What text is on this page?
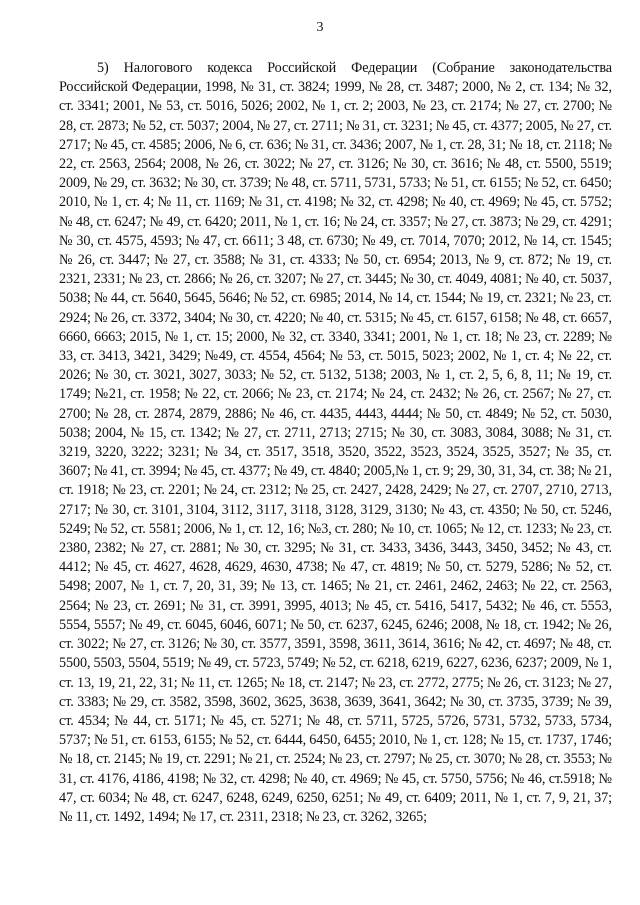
3

5) Налогового кодекса Российской Федерации (Собрание законодательства Российской Федерации, 1998, № 31, ст. 3824; 1999, № 28, ст. 3487; 2000, № 2, ст. 134; № 32, ст. 3341; 2001, № 53, ст. 5016, 5026; 2002, № 1, ст. 2; 2003, № 23, ст. 2174; № 27, ст. 2700; № 28, ст. 2873; № 52, ст. 5037; 2004, № 27, ст. 2711; № 31, ст. 3231; № 45, ст. 4377; 2005, № 27, ст. 2717; № 45, ст. 4585; 2006, № 6, ст. 636; № 31, ст. 3436; 2007, № 1, ст. 28, 31; № 18, ст. 2118; № 22, ст. 2563, 2564; 2008, № 26, ст. 3022; № 27, ст. 3126; № 30, ст. 3616; № 48, ст. 5500, 5519; 2009, № 29, ст. 3632; № 30, ст. 3739; № 48, ст. 5711, 5731, 5733; № 51, ст. 6155; № 52, ст. 6450; 2010, № 1, ст. 4; № 11, ст. 1169; № 31, ст. 4198; № 32, ст. 4298; № 40, ст. 4969; № 45, ст. 5752; № 48, ст. 6247; № 49, ст. 6420; 2011, № 1, ст. 16; № 24, ст. 3357; № 27, ст. 3873; № 29, ст. 4291; № 30, ст. 4575, 4593; № 47, ст. 6611; 3 48, ст. 6730; № 49, ст. 7014, 7070; 2012, № 14, ст. 1545; № 26, ст. 3447; № 27, ст. 3588; № 31, ст. 4333; № 50, ст. 6954; 2013, № 9, ст. 872; № 19, ст. 2321, 2331; № 23, ст. 2866; № 26, ст. 3207; № 27, ст. 3445; № 30, ст. 4049, 4081; № 40, ст. 5037, 5038; № 44, ст. 5640, 5645, 5646; № 52, ст. 6985; 2014, № 14, ст. 1544; № 19, ст. 2321; № 23, ст. 2924; № 26, ст. 3372, 3404; № 30, ст. 4220; № 40, ст. 5315; № 45, ст. 6157, 6158; № 48, ст. 6657, 6660, 6663; 2015, № 1, ст. 15; 2000, № 32, ст. 3340, 3341; 2001, № 1, ст. 18; № 23, ст. 2289; № 33, ст. 3413, 3421, 3429; №49, ст. 4554, 4564; № 53, ст. 5015, 5023; 2002, № 1, ст. 4; № 22, ст. 2026; № 30, ст. 3021, 3027, 3033; № 52, ст. 5132, 5138; 2003, № 1, ст. 2, 5, 6, 8, 11; № 19, ст. 1749; №21, ст. 1958; № 22, ст. 2066; № 23, ст. 2174; № 24, ст. 2432; № 26, ст. 2567; № 27, ст. 2700; № 28, ст. 2874, 2879, 2886; № 46, ст. 4435, 4443, 4444; № 50, ст. 4849; № 52, ст. 5030, 5038; 2004, № 15, ст. 1342; № 27, ст. 2711, 2713; 2715; № 30, ст. 3083, 3084, 3088; № 31, ст. 3219, 3220, 3222; 3231; № 34, ст. 3517, 3518, 3520, 3522, 3523, 3524, 3525, 3527; № 35, ст. 3607; № 41, ст. 3994; № 45, ст. 4377; № 49, ст. 4840; 2005,№ 1, ст. 9; 29, 30, 31, 34, ст. 38; № 21, ст. 1918; № 23, ст. 2201; № 24, ст. 2312; № 25, ст. 2427, 2428, 2429; № 27, ст. 2707, 2710, 2713, 2717; № 30, ст. 3101, 3104, 3112, 3117, 3118, 3128, 3129, 3130; № 43, ст. 4350; № 50, ст. 5246, 5249; № 52, ст. 5581; 2006, № 1, ст. 12, 16; №3, ст. 280; № 10, ст. 1065; № 12, ст. 1233; № 23, ст. 2380, 2382; № 27, ст. 2881; № 30, ст. 3295; № 31, ст. 3433, 3436, 3443, 3450, 3452; № 43, ст. 4412; № 45, ст. 4627, 4628, 4629, 4630, 4738; № 47, ст. 4819; № 50, ст. 5279, 5286; № 52, ст. 5498; 2007, № 1, ст. 7, 20, 31, 39; № 13, ст. 1465; № 21, ст. 2461, 2462, 2463; № 22, ст. 2563, 2564; № 23, ст. 2691; № 31, ст. 3991, 3995, 4013; № 45, ст. 5416, 5417, 5432; № 46, ст. 5553, 5554, 5557; № 49, ст. 6045, 6046, 6071; № 50, ст. 6237, 6245, 6246; 2008, № 18, ст. 1942; № 26, ст. 3022; № 27, ст. 3126; № 30, ст. 3577, 3591, 3598, 3611, 3614, 3616; № 42, ст. 4697; № 48, ст. 5500, 5503, 5504, 5519; № 49, ст. 5723, 5749; № 52, ст. 6218, 6219, 6227, 6236, 6237; 2009, № 1, ст. 13, 19, 21, 22, 31; № 11, ст. 1265; № 18, ст. 2147; № 23, ст. 2772, 2775; № 26, ст. 3123; № 27, ст. 3383; № 29, ст. 3582, 3598, 3602, 3625, 3638, 3639, 3641, 3642; № 30, ст. 3735, 3739; № 39, ст. 4534; № 44, ст. 5171; № 45, ст. 5271; № 48, ст. 5711, 5725, 5726, 5731, 5732, 5733, 5734, 5737; № 51, ст. 6153, 6155; № 52, ст. 6444, 6450, 6455; 2010, № 1, ст. 128; № 15, ст. 1737, 1746; № 18, ст. 2145; № 19, ст. 2291; № 21, ст. 2524; № 23, ст. 2797; № 25, ст. 3070; № 28, ст. 3553; № 31, ст. 4176, 4186, 4198; № 32, ст. 4298; № 40, ст. 4969; № 45, ст. 5750, 5756; № 46, ст.5918; № 47, ст. 6034; № 48, ст. 6247, 6248, 6249, 6250, 6251; № 49, ст. 6409; 2011, № 1, ст. 7, 9, 21, 37; № 11, ст. 1492, 1494; № 17, ст. 2311, 2318; № 23, ст. 3262, 3265;
